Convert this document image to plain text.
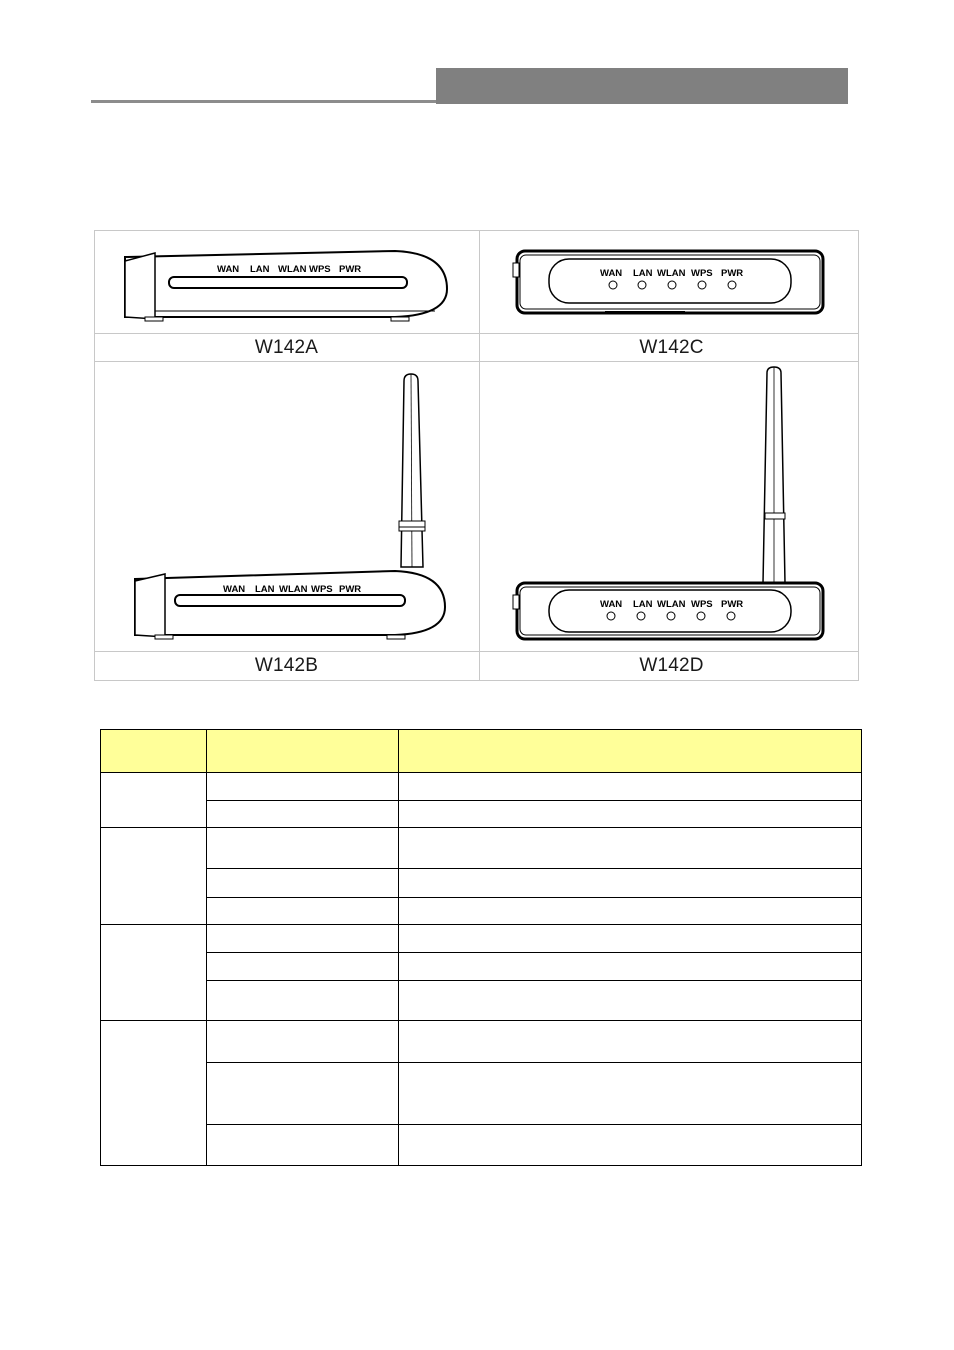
WAN LAN WLAN WPS PWR	WAN LAN WLAN WPS PWR
WAN LAN WLAN WPS PWR
WAN LAN WLAN WPS PWR
W142A	W142C
W142B	W142D
